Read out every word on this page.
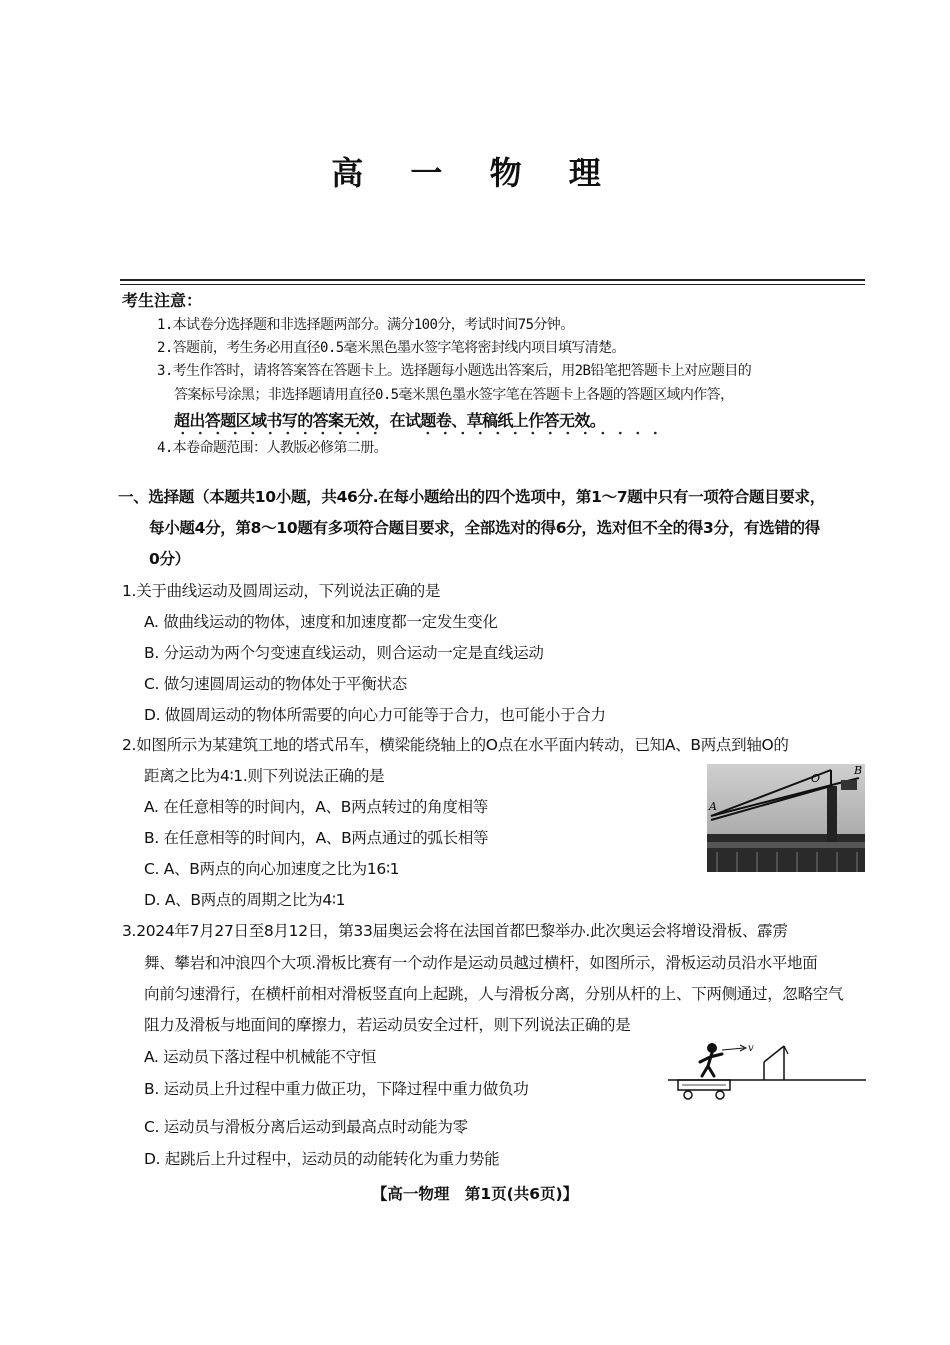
高 一 物 理
考生注意：
1.本试卷分选择题和非选择题两部分。满分100分，考试时间75分钟。
2.答题前，考生务必用直径0.5毫米黑色墨水签字笔将密封线内项目填写清楚。
3.考生作答时，请将答案答在答题卡上。选择题每小题选出答案后，用2B铅笔把答题卡上对应题目的
答案标号涂黑；非选择题请用直径0.5毫米黑色墨水签字笔在答题卡上各题的答题区域内作答，
超出答题区域书写的答案无效，在试题卷、草稿纸上作答无效。
4.本卷命题范围：人教版必修第二册。
一、选择题（本题共10小题，共46分.在每小题给出的四个选项中，第1～7题中只有一项符合题目要求，
每小题4分，第8～10题有多项符合题目要求，全部选对的得6分，选对但不全的得3分，有选错的得
0分）
1.关于曲线运动及圆周运动，下列说法正确的是
A. 做曲线运动的物体，速度和加速度都一定发生变化
B. 分运动为两个匀变速直线运动，则合运动一定是直线运动
C. 做匀速圆周运动的物体处于平衡状态
D. 做圆周运动的物体所需要的向心力可能等于合力，也可能小于合力
2.如图所示为某建筑工地的塔式吊车，横梁能绕轴上的O点在水平面内转动，已知A、B两点到轴O的
距离之比为4∶1.则下列说法正确的是
A. 在任意相等的时间内，A、B两点转过的角度相等
B. 在任意相等的时间内，A、B两点通过的弧长相等
C. A、B两点的向心加速度之比为16∶1
D. A、B两点的周期之比为4∶1
A
O
B
3.2024年7月27日至8月12日，第33届奥运会将在法国首都巴黎举办.此次奥运会将增设滑板、霹雳
舞、攀岩和冲浪四个大项.滑板比赛有一个动作是运动员越过横杆，如图所示，滑板运动员沿水平地面
向前匀速滑行，在横杆前相对滑板竖直向上起跳，人与滑板分离，分别从杆的上、下两侧通过，忽略空气
阻力及滑板与地面间的摩擦力，若运动员安全过杆，则下列说法正确的是
A. 运动员下落过程中机械能不守恒
B. 运动员上升过程中重力做正功，下降过程中重力做负功
C. 运动员与滑板分离后运动到最高点时动能为零
D. 起跳后上升过程中，运动员的动能转化为重力势能
v
【高一物理　第1页(共6页)】
